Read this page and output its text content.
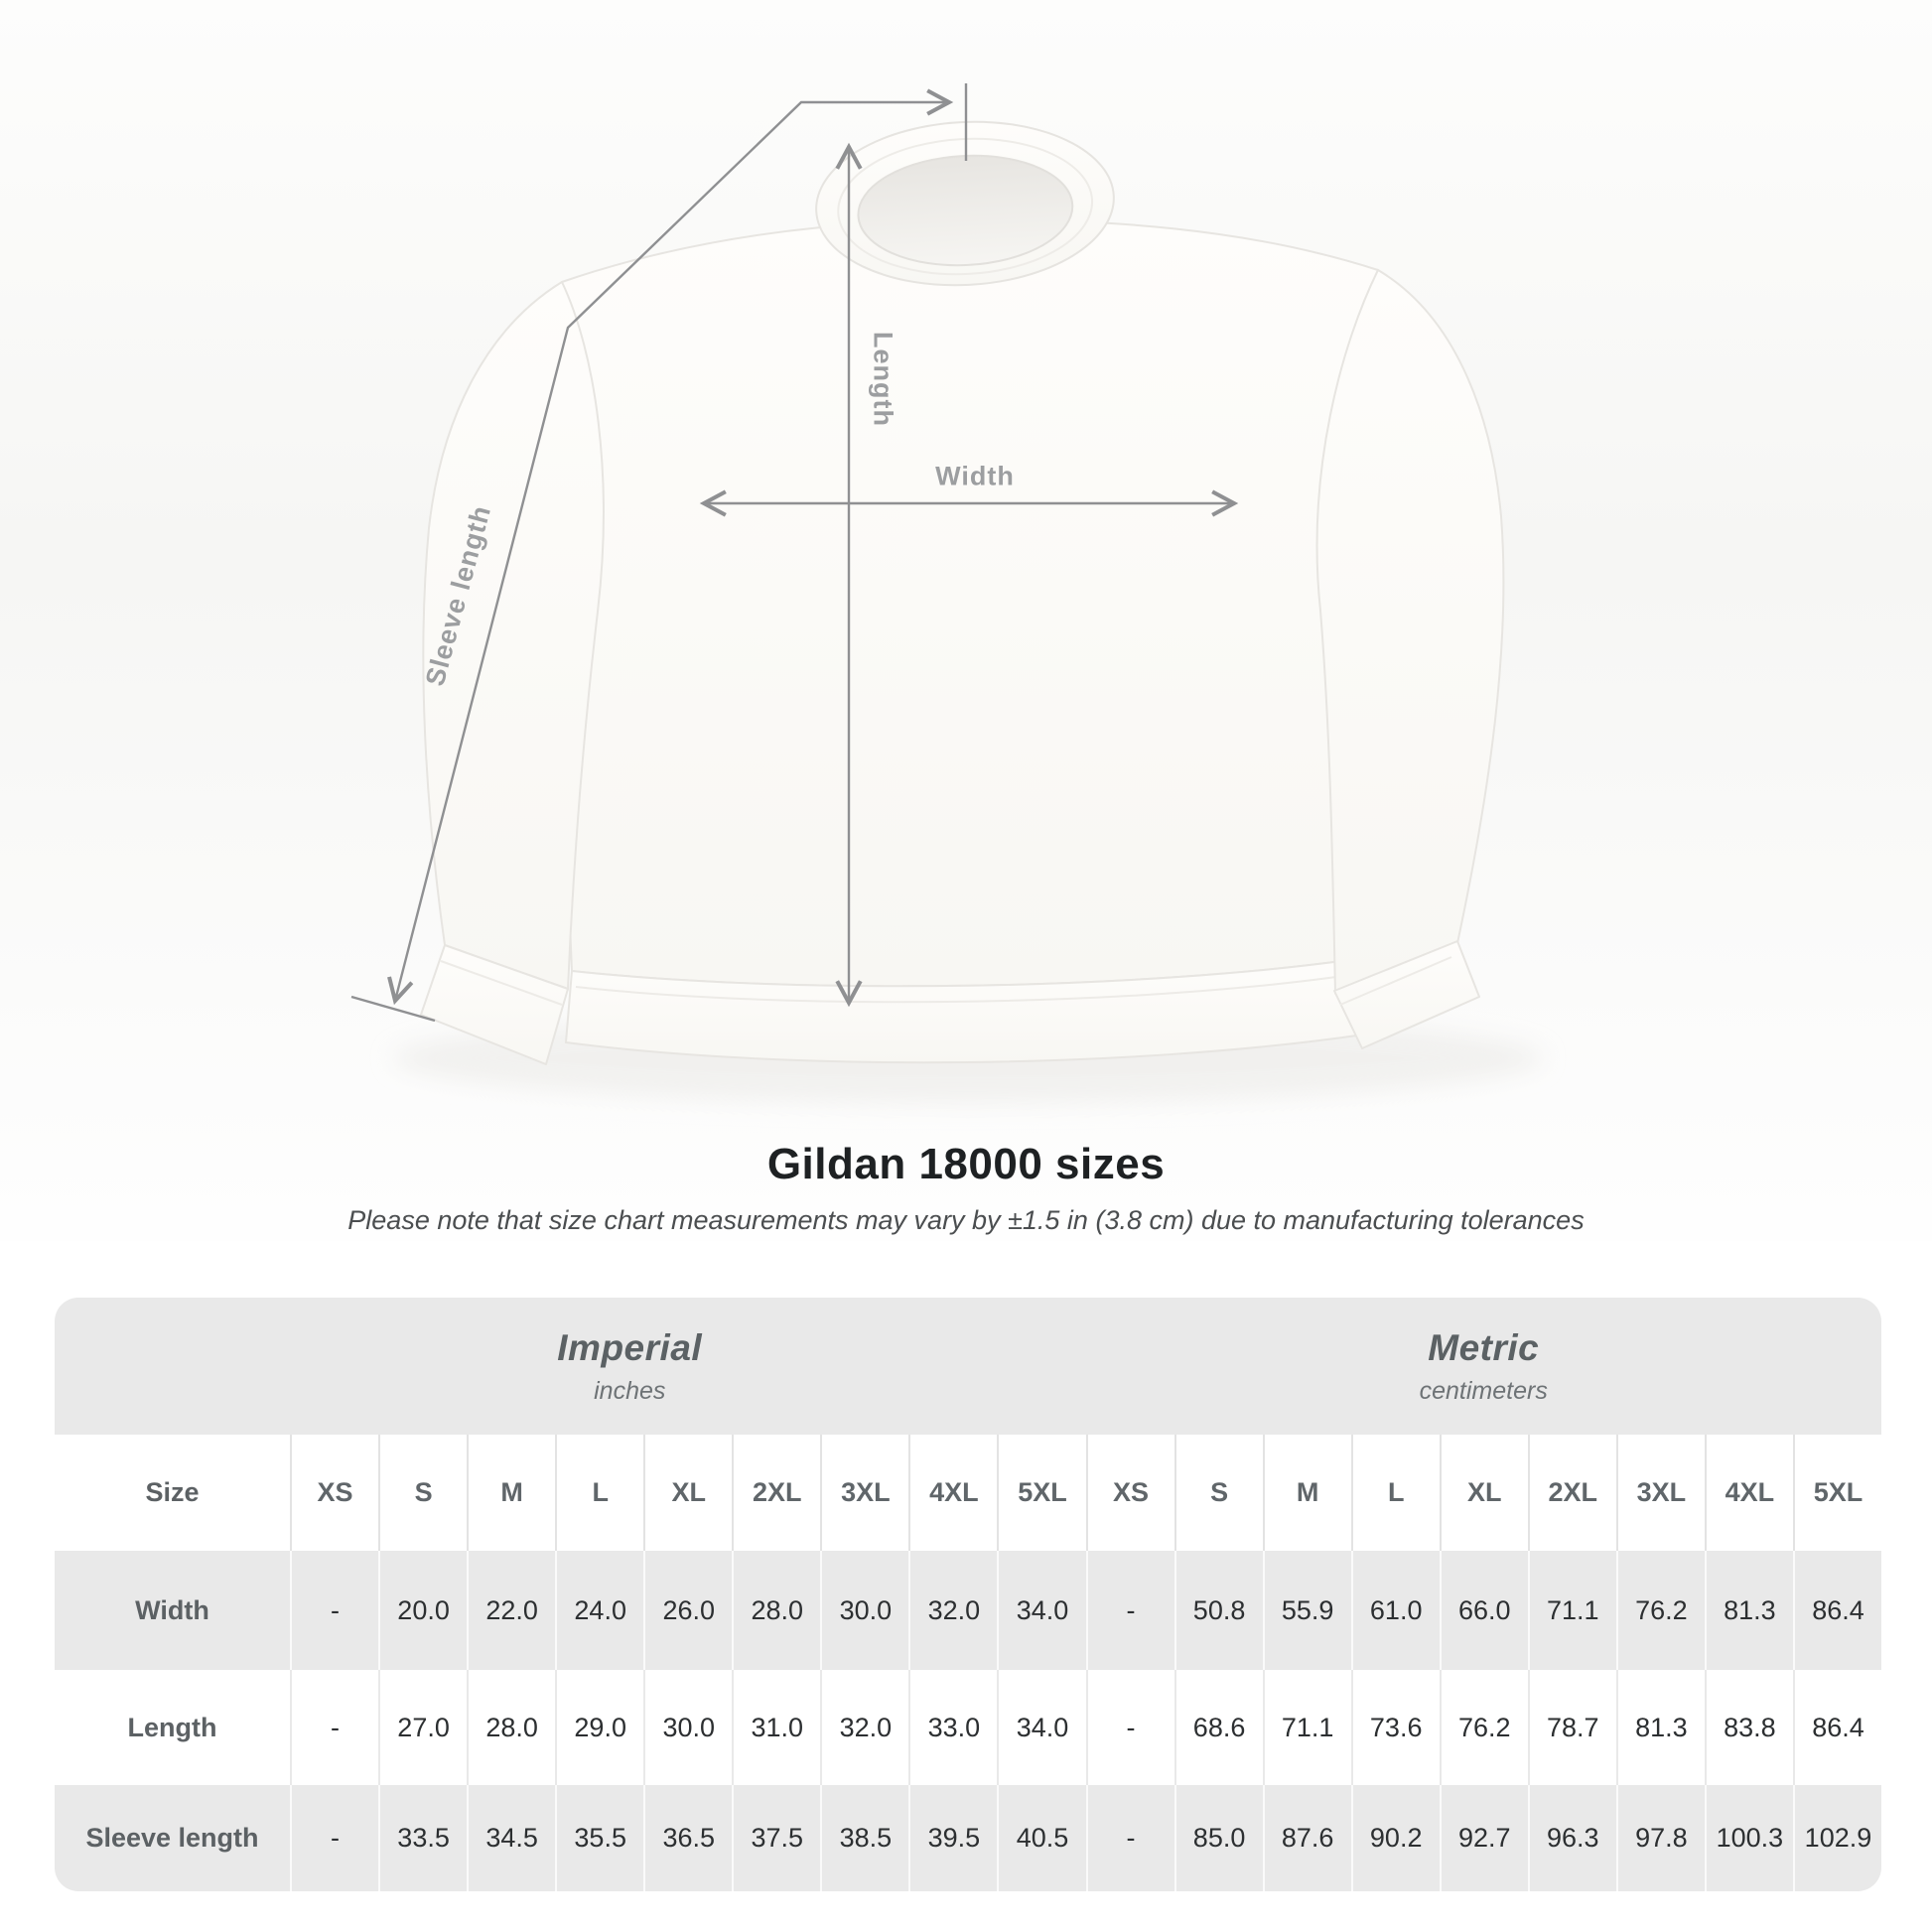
Length
Width
Sleeve length
Gildan 18000 sizes
Please note that size chart measurements may vary by ±1.5 in (3.8 cm) due to manufacturing tolerances
Imperial
inches
Metric
centimeters
Size	XS	S	M	L	XL	2XL	3XL	4XL	5XL	XS	S	M	L	XL	2XL	3XL	4XL	5XL
Width	-	20.0	22.0	24.0	26.0	28.0	30.0	32.0	34.0	-	50.8	55.9	61.0	66.0	71.1	76.2	81.3	86.4
Length	-	27.0	28.0	29.0	30.0	31.0	32.0	33.0	34.0	-	68.6	71.1	73.6	76.2	78.7	81.3	83.8	86.4
Sleeve length	-	33.5	34.5	35.5	36.5	37.5	38.5	39.5	40.5	-	85.0	87.6	90.2	92.7	96.3	97.8	100.3 102.9
